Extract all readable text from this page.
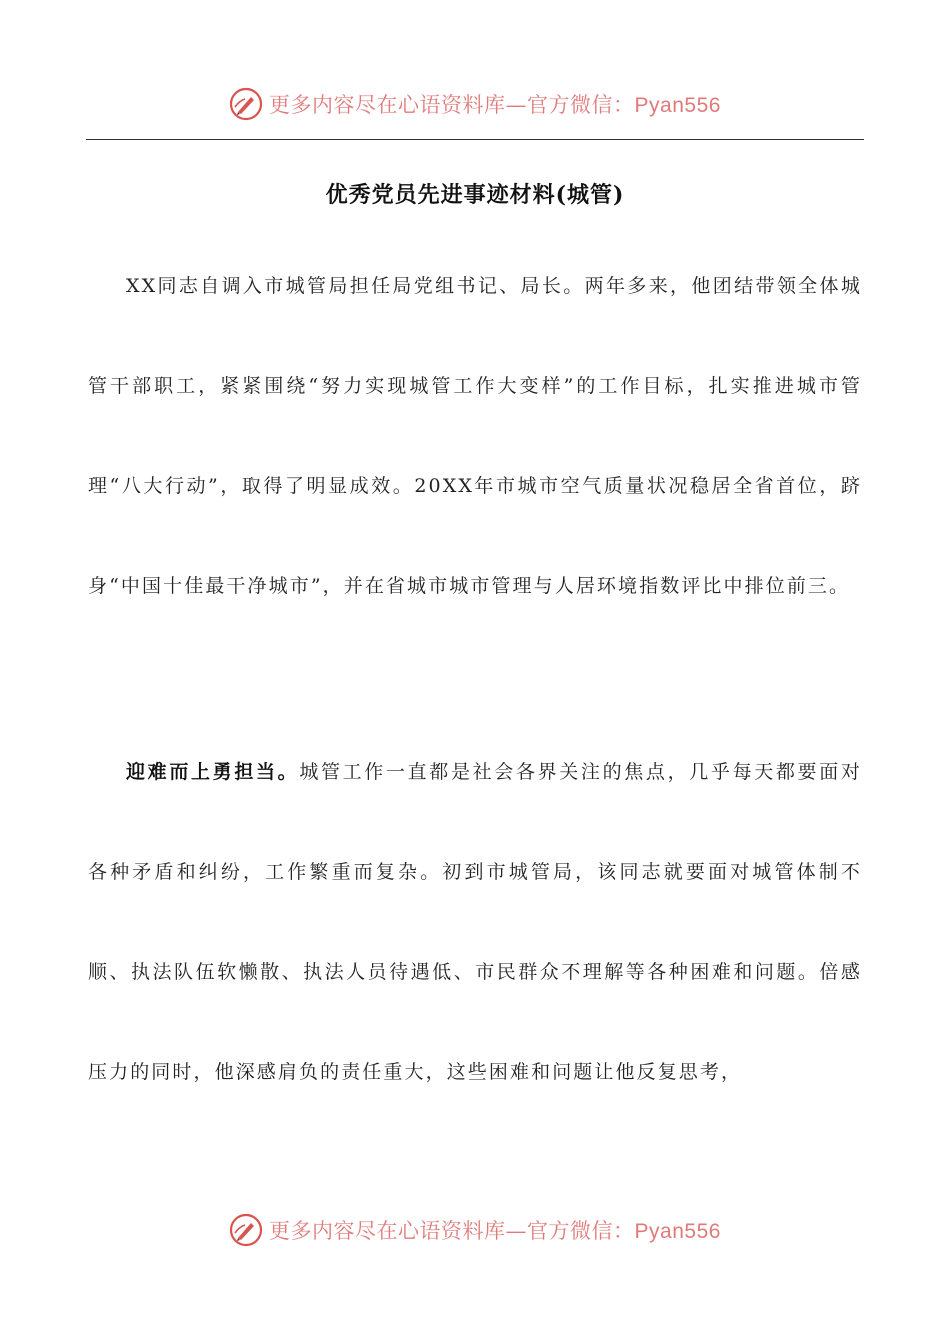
更多内容尽在心语资料库—官方微信：Pyan556
优秀党员先进事迹材料(城管)

XX同志自调入市城管局担任局党组书记、局长。两年多来，他团结带领全体城管干部职工，紧紧围绕“努力实现城管工作大变样”的工作目标，扎实推进城市管理“八大行动”，取得了明显成效。20XX年市城市空气质量状况稳居全省首位，跻身“中国十佳最干净城市”，并在省城市城市管理与人居环境指数评比中排位前三。

迎难而上勇担当。城管工作一直都是社会各界关注的焦点，几乎每天都要面对各种矛盾和纠纷，工作繁重而复杂。初到市城管局，该同志就要面对城管体制不顺、执法队伍软懒散、执法人员待遇低、市民群众不理解等各种困难和问题。倍感压力的同时，他深感肩负的责任重大，这些困难和问题让他反复思考，

更多内容尽在心语资料库—官方微信：Pyan556
